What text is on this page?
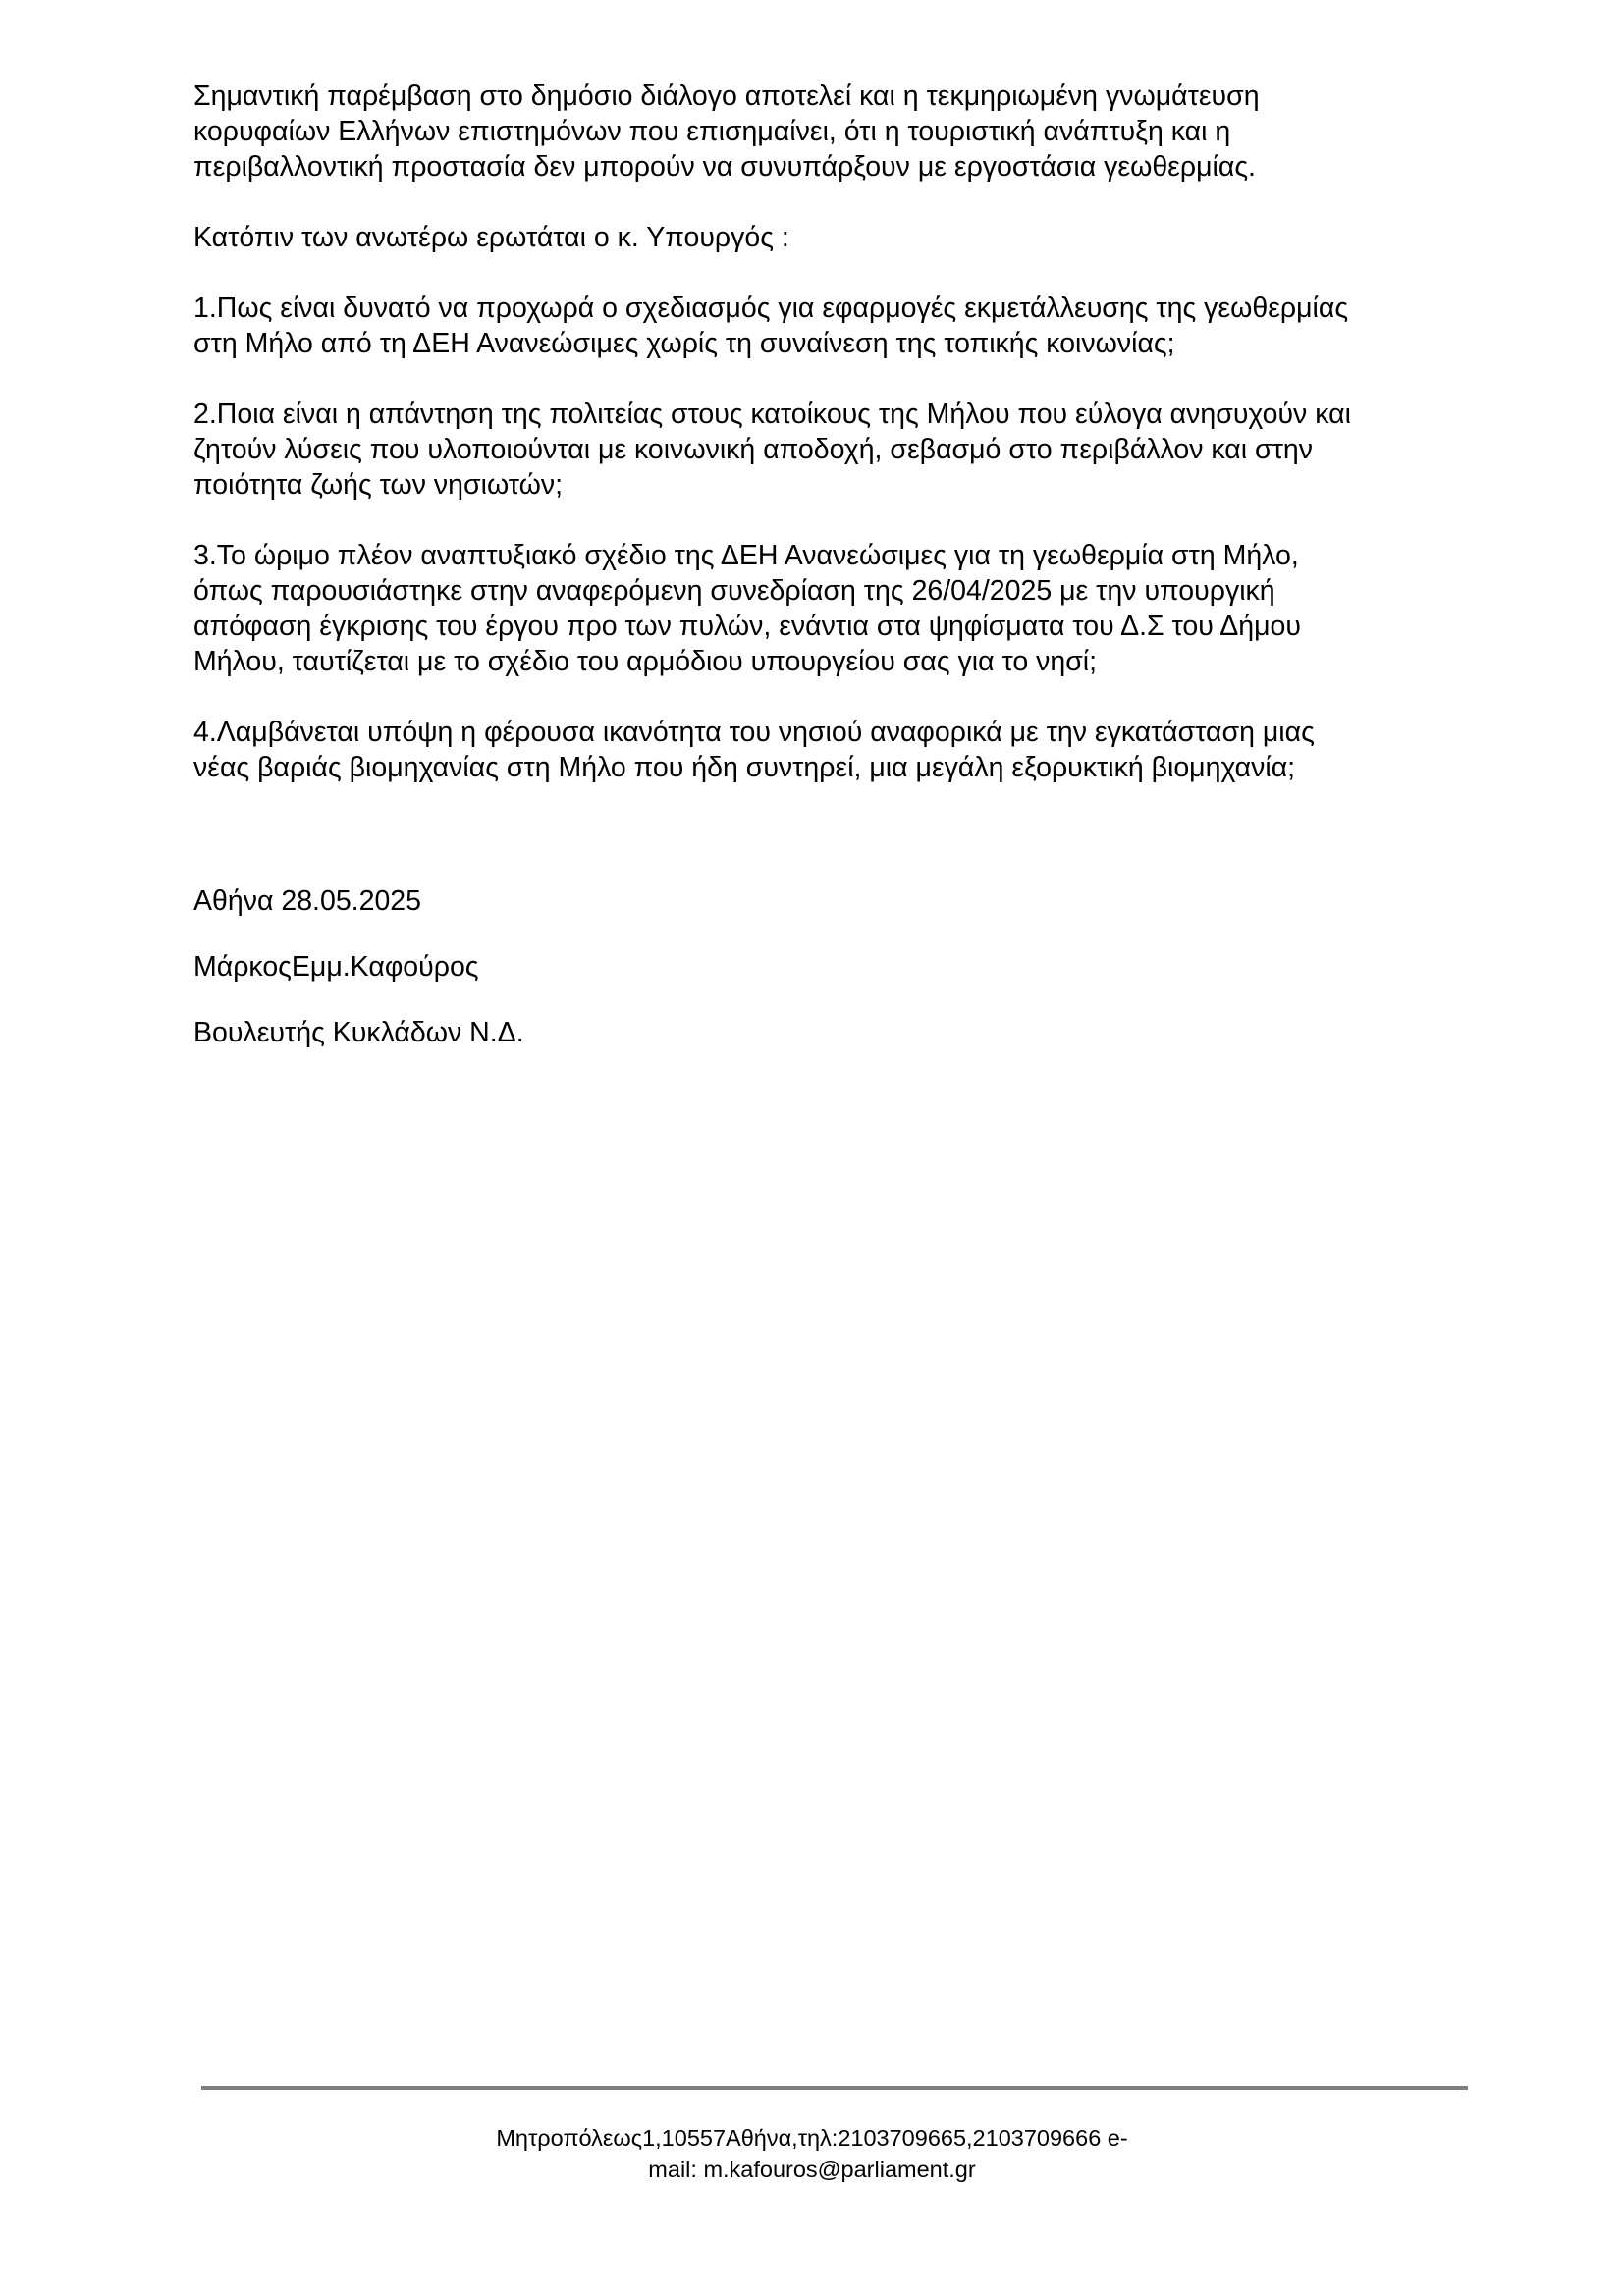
Σημαντική παρέμβαση στο δημόσιο διάλογο αποτελεί και η τεκμηριωμένη γνωμάτευση
κορυφαίων Ελλήνων επιστημόνων που επισημαίνει, ότι η τουριστική ανάπτυξη και η
περιβαλλοντική προστασία δεν μπορούν να συνυπάρξουν με εργοστάσια γεωθερμίας.

Κατόπιν των ανωτέρω ερωτάται ο κ. Υπουργός :

1.Πως είναι δυνατό να προχωρά ο σχεδιασμός για εφαρμογές εκμετάλλευσης της γεωθερμίας
στη Μήλο από τη ΔΕΗ Ανανεώσιμες χωρίς τη συναίνεση της τοπικής κοινωνίας;

2.Ποια είναι η απάντηση της πολιτείας στους κατοίκους της Μήλου που εύλογα ανησυχούν και
ζητούν λύσεις που υλοποιούνται με κοινωνική αποδοχή, σεβασμό στο περιβάλλον και στην
ποιότητα ζωής των νησιωτών;

3.Το ώριμο πλέον αναπτυξιακό σχέδιο της ΔΕΗ Ανανεώσιμες για τη γεωθερμία στη Μήλο,
όπως παρουσιάστηκε στην αναφερόμενη συνεδρίαση της 26/04/2025 με την υπουργική
απόφαση έγκρισης του έργου προ των πυλών, ενάντια στα ψηφίσματα του Δ.Σ του Δήμου
Μήλου, ταυτίζεται με το σχέδιο του αρμόδιου υπουργείου σας για το νησί;

4.Λαμβάνεται υπόψη η φέρουσα ικανότητα του νησιού αναφορικά με την εγκατάσταση μιας
νέας βαριάς βιομηχανίας στη Μήλο που ήδη συντηρεί, μια μεγάλη εξορυκτική βιομηχανία;

Αθήνα 28.05.2025
ΜάρκοςΕμμ.Καφούρος
Βουλευτής Κυκλάδων Ν.Δ.
Μητροπόλεως1,10557Αθήνα,τηλ:2103709665,2103709666 e-
mail: m.kafouros@parliament.gr
